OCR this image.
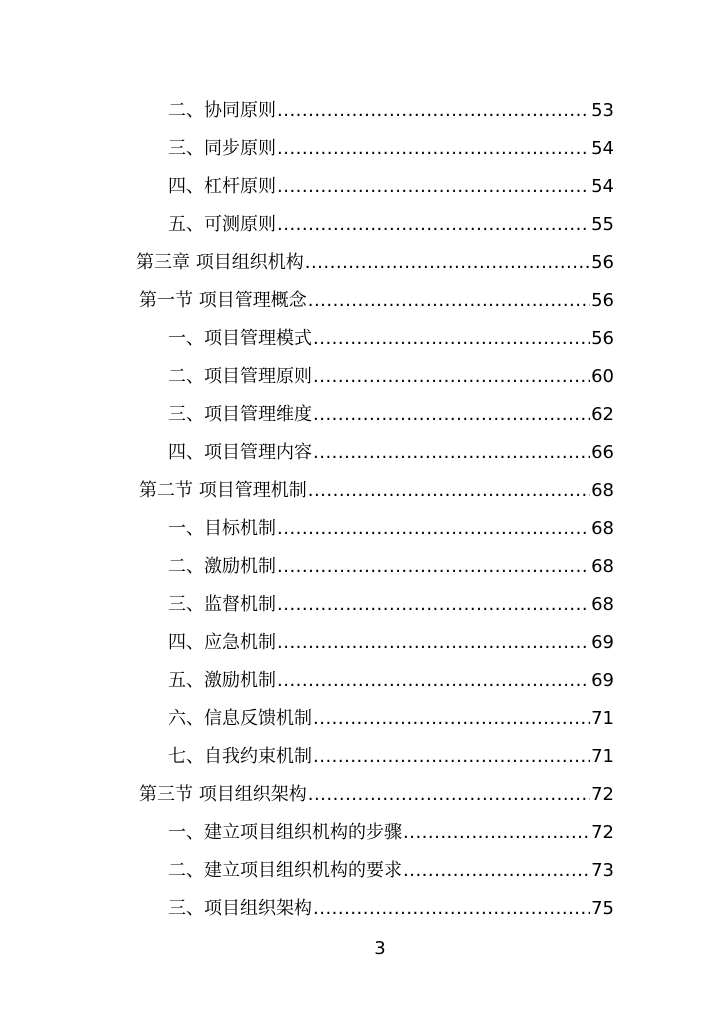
二、协同原则 .....	53
三、同步原则 .....	54
四、杠杆原则 .....	54
五、可测原则 .....	55
第三章 项目组织机构 .....	56
第一节 项目管理概念 .....	56
一、项目管理模式 .....	56
二、项目管理原则 .....	60
三、项目管理维度 .....	62
四、项目管理内容 .....	66
第二节 项目管理机制 .....	68
一、目标机制 .....	68
二、激励机制 .....	68
三、监督机制 .....	68
四、应急机制 .....	69
五、激励机制 .....	69
六、信息反馈机制 .....	71
七、自我约束机制 .....	71
第三节 项目组织架构 .....	72
一、建立项目组织机构的步骤 .....	72
二、建立项目组织机构的要求 .....	73
三、项目组织架构 .....	75
3
